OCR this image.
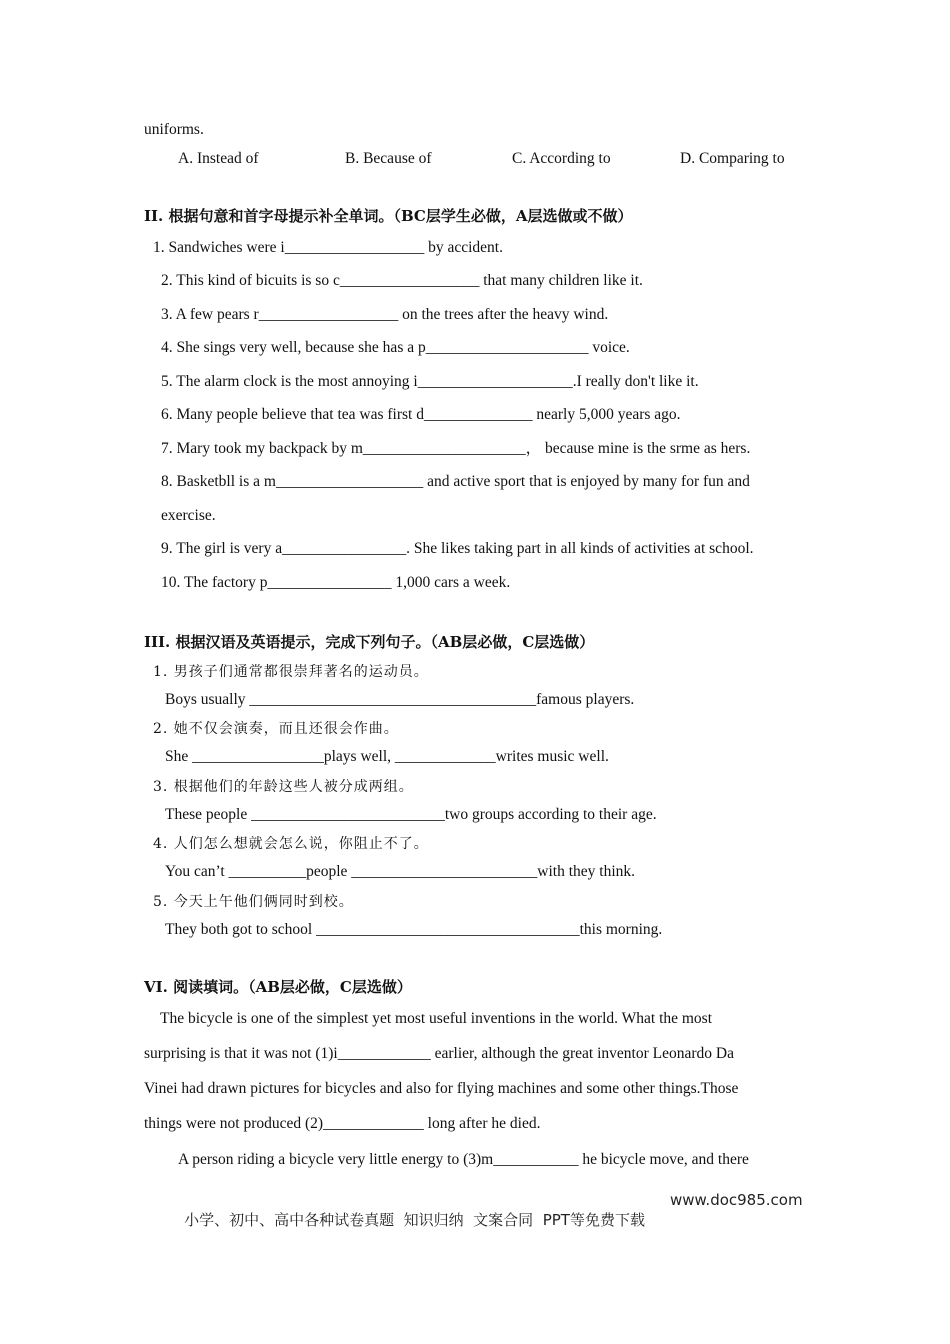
uniforms.
A. Instead of	B. Because of	C. According to	D. Comparing to
II. 根据句意和首字母提示补全单词。（BC层学生必做，A层选做或不做）
1. Sandwiches were i__________________ by accident.
2. This kind of bicuits is so c__________________ that many children like it.
3. A few pears r__________________ on the trees after the heavy wind.
4. She sings very well, because she has a p_____________________ voice.
5. The alarm clock is the most annoying i____________________.I really don't like it.
6. Many people believe that tea was first d______________ nearly 5,000 years ago.
7. Mary took my backpack by m_____________________， because mine is the srme as hers.
8. Basketbll is a m___________________ and active sport that is enjoyed by many for fun and
exercise.
9. The girl is very a________________. She likes taking part in all kinds of activities at school.
10. The factory p________________ 1,000 cars a week.
III. 根据汉语及英语提示，完成下列句子。（AB层必做，C层选做）
1. 男孩子们通常都很崇拜著名的运动员。
Boys usually _____________________________________famous players.
2. 她不仅会演奏，而且还很会作曲。
She _________________plays well, _____________writes music well.
3. 根据他们的年龄这些人被分成两组。
These people _________________________two groups according to their age.
4. 人们怎么想就会怎么说，你阻止不了。
You can’t __________people ________________________with they think.
5. 今天上午他们俩同时到校。
They both got to school __________________________________this morning.
VI. 阅读填词。（AB层必做，C层选做）
The bicycle is one of the simplest yet most useful inventions in the world. What the most
surprising is that it was not (1)i____________ earlier, although the great inventor Leonardo Da
Vinei had drawn pictures for bicycles and also for flying machines and some other things.Those
things were not produced (2)_____________ long after he died.
A person riding a bicycle very little energy to (3)m___________ he bicycle move, and there

小学、初中、高中各种试卷真题  知识归纳  文案合同  PPT等免费下载

www.doc985.com
